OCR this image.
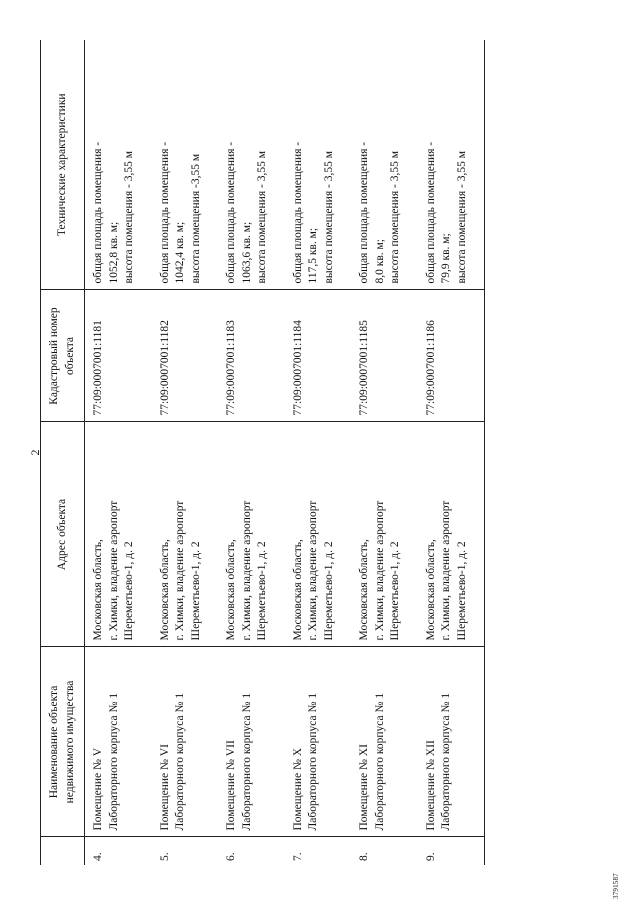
2
	Наименование объекта недвижимого имущества	Адрес объекта	Кадастровый номер объекта	Технические характеристики
4.	Помещение № V Лабораторного корпуса № 1	Московская область, г. Химки, владение аэропорт Шереметьево-1, д. 2	77:09:0007001:1181	общая площадь помещения - 1052,8 кв. м; высота помещения - 3,55 м

5.	Помещение № VI Лабораторного корпуса № 1	Московская область, г. Химки, владение аэропорт Шереметьево-1, д. 2	77:09:0007001:1182	общая площадь помещения - 1042,4 кв. м; высота помещения -3,55 м

6.	Помещение № VII Лабораторного корпуса № 1	Московская область, г. Химки, владение аэропорт Шереметьево-1, д. 2	77:09:0007001:1183	общая площадь помещения - 1063,6 кв. м; высота помещения - 3,55 м

7.	Помещение № X Лабораторного корпуса № 1	Московская область, г. Химки, владение аэропорт Шереметьево-1, д. 2	77:09:0007001:1184	общая площадь помещения - 117,5 кв. м; высота помещения - 3,55 м

8.	Помещение № XI Лабораторного корпуса № 1	Московская область, г. Химки, владение аэропорт Шереметьево-1, д. 2	77:09:0007001:1185	общая площадь помещения - 8,0 кв. м; высота помещения - 3,55 м

9.	Помещение № XII Лабораторного корпуса № 1	Московская область, г. Химки, владение аэропорт Шереметьево-1, д. 2	77:09:0007001:1186	общая площадь помещения - 79,9 кв. м; высота помещения - 3,55 м
3791587
